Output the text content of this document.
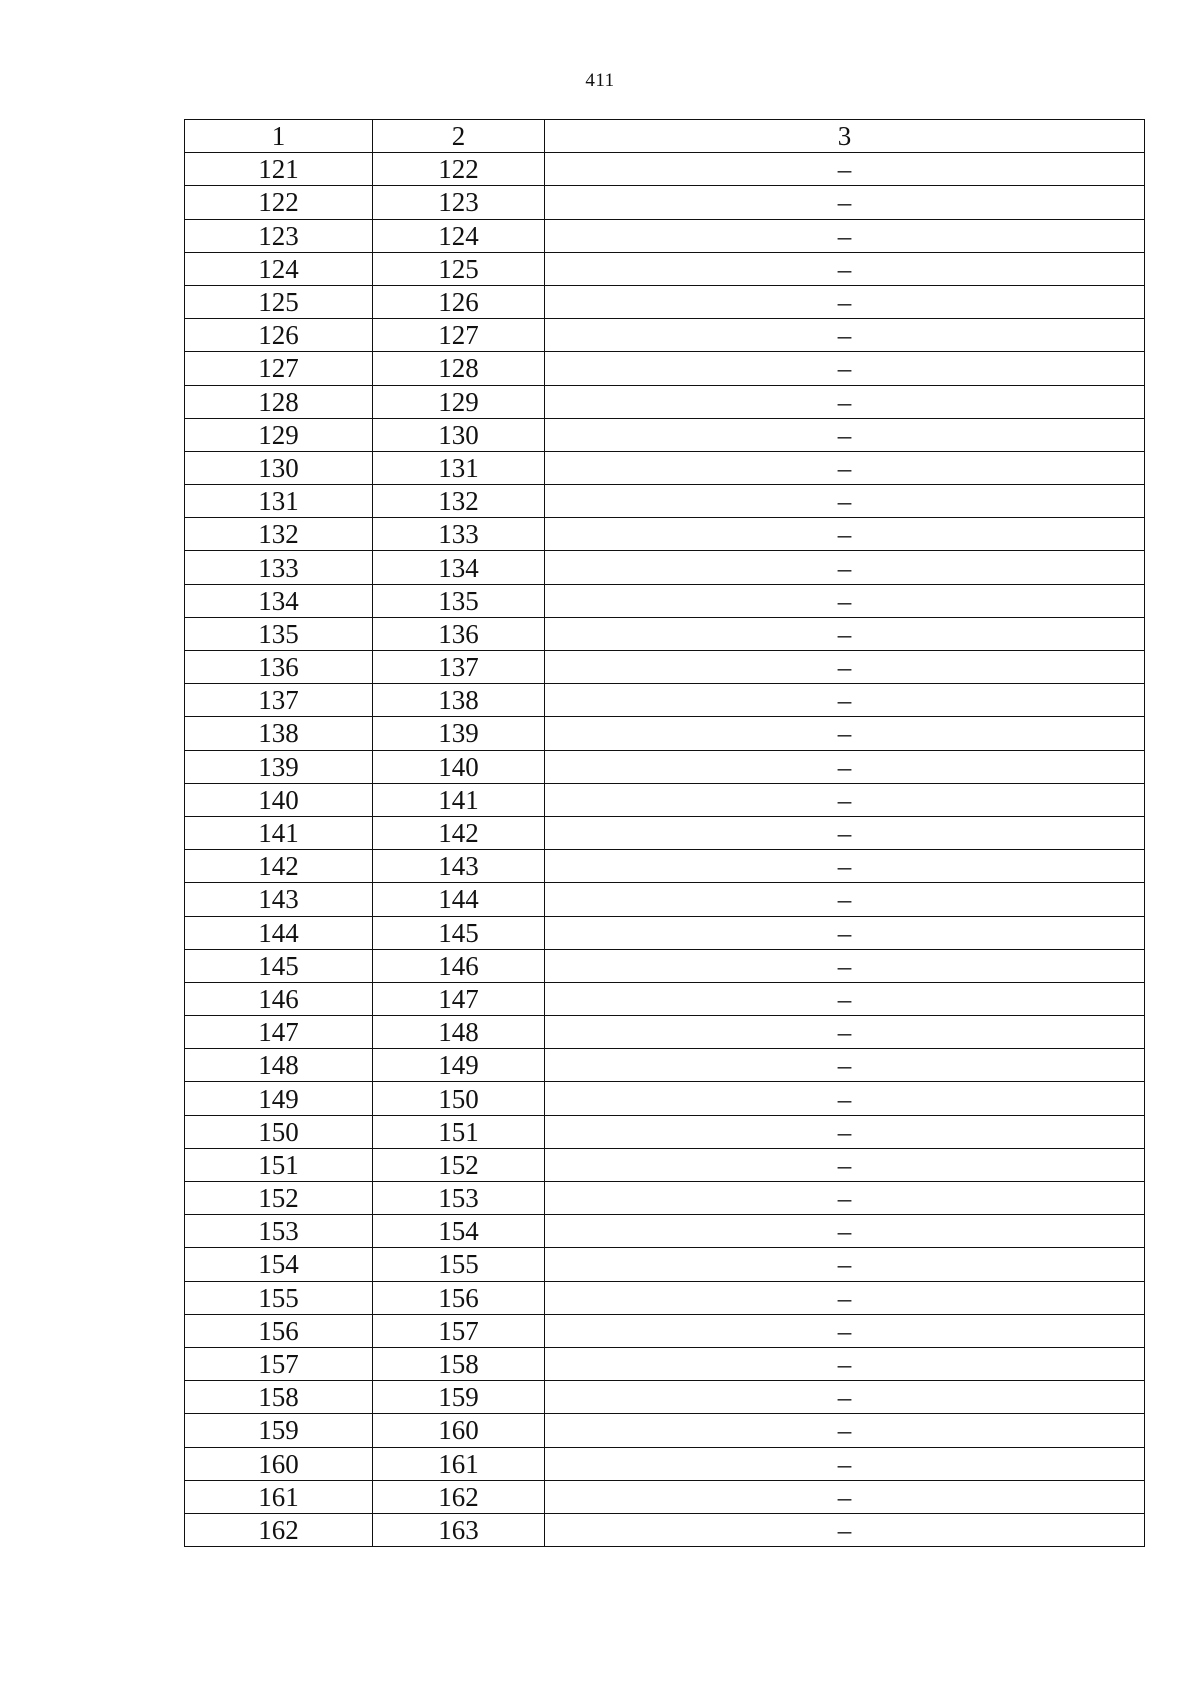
411
1	2	3
121	122	–
122	123	–
123	124	–
124	125	–
125	126	–
126	127	–
127	128	–
128	129	–
129	130	–
130	131	–
131	132	–
132	133	–
133	134	–
134	135	–
135	136	–
136	137	–
137	138	–
138	139	–
139	140	–
140	141	–
141	142	–
142	143	–
143	144	–
144	145	–
145	146	–
146	147	–
147	148	–
148	149	–
149	150	–
150	151	–
151	152	–
152	153	–
153	154	–
154	155	–
155	156	–
156	157	–
157	158	–
158	159	–
159	160	–
160	161	–
161	162	–
162	163	–
